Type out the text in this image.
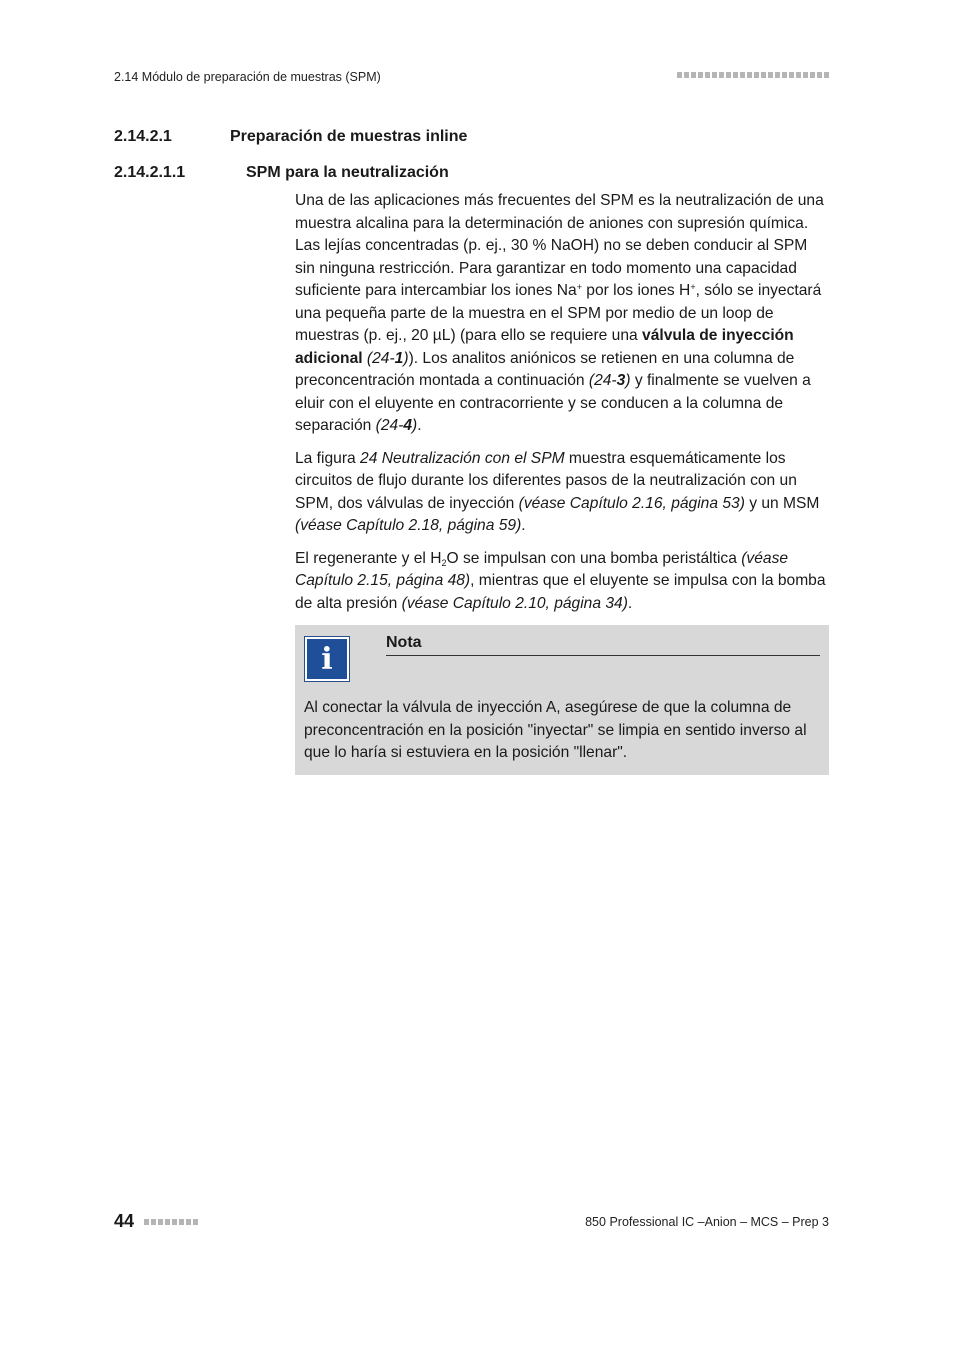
2.14 Módulo de preparación de muestras (SPM)
2.14.2.1	Preparación de muestras inline
2.14.2.1.1	SPM para la neutralización

Una de las aplicaciones más frecuentes del SPM es la neutralización de una muestra alcalina para la determinación de aniones con supresión química. Las lejías concentradas (p. ej., 30 % NaOH) no se deben conducir al SPM sin ninguna restricción. Para garantizar en todo momento una capacidad suficiente para intercambiar los iones Na+ por los iones H+, sólo se inyectará una pequeña parte de la muestra en el SPM por medio de un loop de muestras (p. ej., 20 µL) (para ello se requiere una válvula de inyección adicional (24-1)). Los analitos aniónicos se retienen en una columna de preconcentración montada a continuación (24-3) y finalmente se vuelven a eluir con el eluyente en contracorriente y se conducen a la columna de separación (24-4).

La figura 24 Neutralización con el SPM muestra esquemáticamente los circuitos de flujo durante los diferentes pasos de la neutralización con un SPM, dos válvulas de inyección (véase Capítulo 2.16, página 53) y un MSM (véase Capítulo 2.18, página 59).

El regenerante y el $H_2O$ se impulsan con una bomba peristáltica (véase Capítulo 2.15, página 48), mientras que el eluyente se impulsa con la bomba de alta presión (véase Capítulo 2.10, página 34).

i	Nota
Al conectar la válvula de inyección A, asegúrese de que la columna de preconcentración en la posición "inyectar" se limpia en sentido inverso al que lo haría si estuviera en la posición "llenar".
44	850 Professional IC –Anion – MCS – Prep 3
